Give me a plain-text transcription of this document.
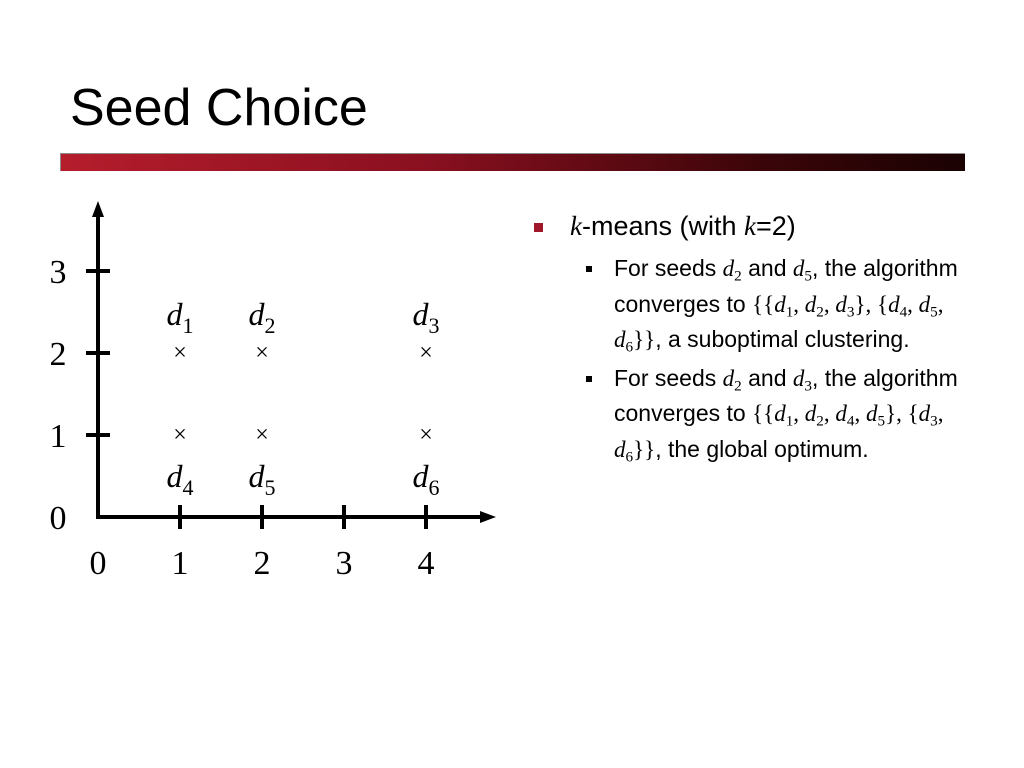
Seed Choice
0 1 2 3 4
0
1
2
3
×
$d_1$
×
$d_2$
×
$d_3$
×
$d_4$
×
$d_5$
×
$d_6$
k-means (with k=2)
For seeds $d_2$ and $d_5$, the algorithm converges to {{$d_1$, $d_2$, $d_3$}, {$d_4$, $d_5$, $d_6$}}, a suboptimal clustering.
For seeds $d_2$ and $d_3$, the algorithm converges to {{$d_1$, $d_2$, $d_4$, $d_5$}, {$d_3$, $d_6$}}, the global optimum.
